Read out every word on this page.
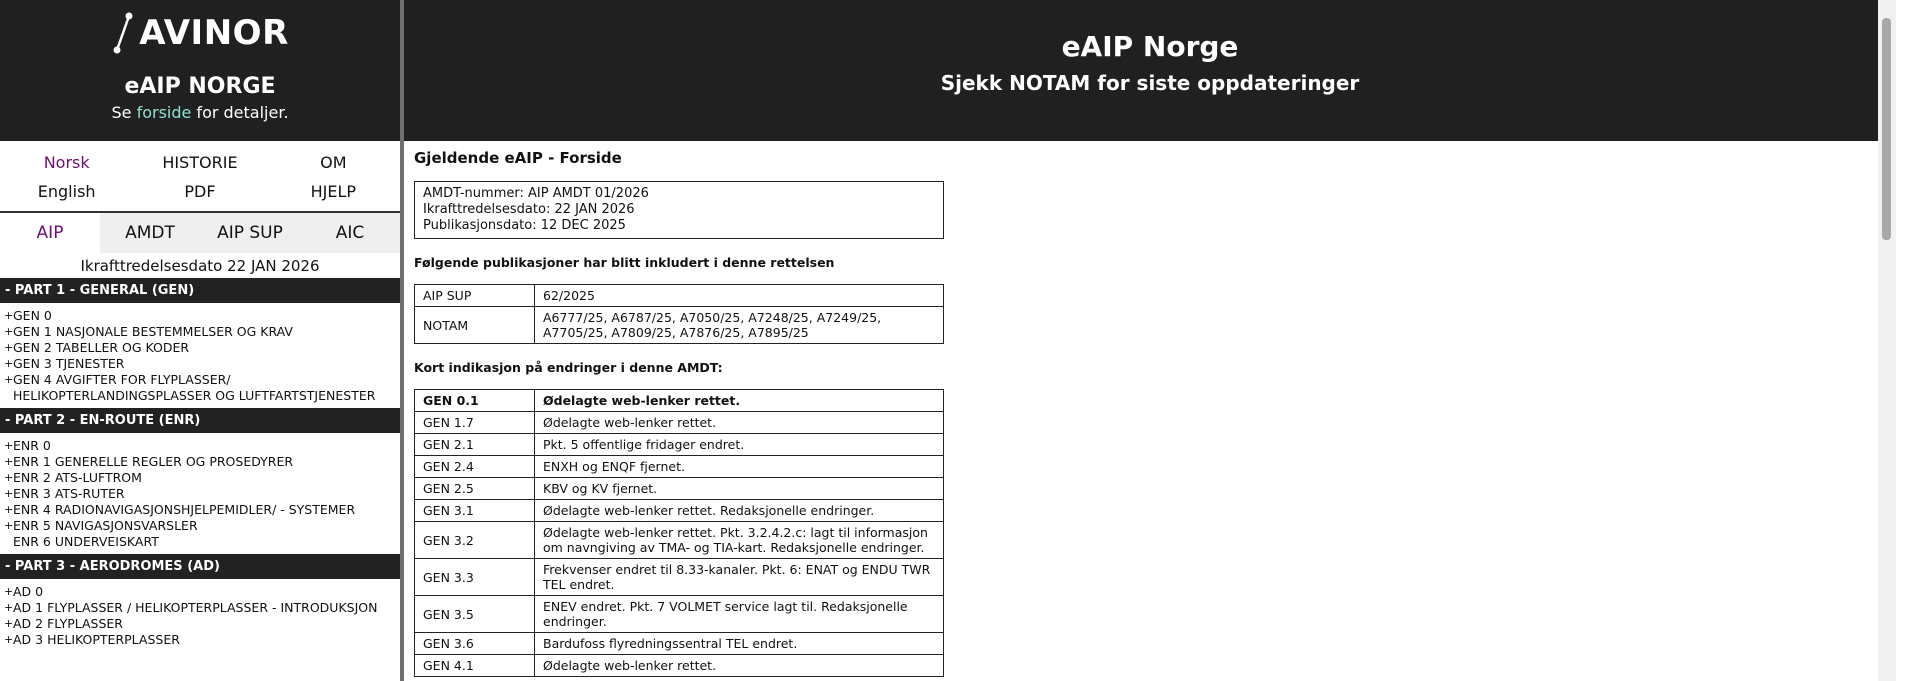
AVINOR
eAIP NORGE
Se forside for detaljer.
Norsk	HISTORIE	OM
English	PDF	HJELP
AIP	AMDT	AIP SUP	AIC
Ikrafttredelsesdato 22 JAN 2026
- PART 1 - GENERAL (GEN)
+ GEN 0
+ GEN 1 NASJONALE BESTEMMELSER OG KRAV
+ GEN 2 TABELLER OG KODER
+ GEN 3 TJENESTER
+ GEN 4 AVGIFTER FOR FLYPLASSER/
HELIKOPTERLANDINGSPLASSER OG LUFTFARTSTJENESTER
- PART 2 - EN-ROUTE (ENR)
+ ENR 0
+ ENR 1 GENERELLE REGLER OG PROSEDYRER
+ ENR 2 ATS-LUFTROM
+ ENR 3 ATS-RUTER
+ ENR 4 RADIONAVIGASJONSHJELPEMIDLER/ - SYSTEMER
+ ENR 5 NAVIGASJONSVARSLER
ENR 6 UNDERVEISKART
- PART 3 - AERODROMES (AD)
+ AD 0
+ AD 1 FLYPLASSER / HELIKOPTERPLASSER - INTRODUKSJON
+ AD 2 FLYPLASSER
+ AD 3 HELIKOPTERPLASSER
eAIP Norge
Sjekk NOTAM for siste oppdateringer
Gjeldende eAIP - Forside
AMDT-nummer: AIP AMDT 01/2026
Ikrafttredelsesdato: 22 JAN 2026
Publikasjonsdato: 12 DEC 2025
Følgende publikasjoner har blitt inkludert i denne rettelsen
AIP SUP	62/2025
NOTAM	A6777/25, A6787/25, A7050/25, A7248/25, A7249/25, A7705/25, A7809/25, A7876/25, A7895/25
Kort indikasjon på endringer i denne AMDT:
GEN 0.1	Ødelagte web-lenker rettet.
GEN 1.7	Ødelagte web-lenker rettet.
GEN 2.1	Pkt. 5 offentlige fridager endret.
GEN 2.4	ENXH og ENQF fjernet.
GEN 2.5	KBV og KV fjernet.
GEN 3.1	Ødelagte web-lenker rettet. Redaksjonelle endringer.
GEN 3.2	Ødelagte web-lenker rettet. Pkt. 3.2.4.2.c: lagt til informasjon om navngiving av TMA- og TIA-kart. Redaksjonelle endringer.
GEN 3.3	Frekvenser endret til 8.33-kanaler. Pkt. 6: ENAT og ENDU TWR TEL endret.
GEN 3.5	ENEV endret. Pkt. 7 VOLMET service lagt til. Redaksjonelle endringer.
GEN 3.6	Bardufoss flyredningssentral TEL endret.
GEN 4.1	Ødelagte web-lenker rettet.
